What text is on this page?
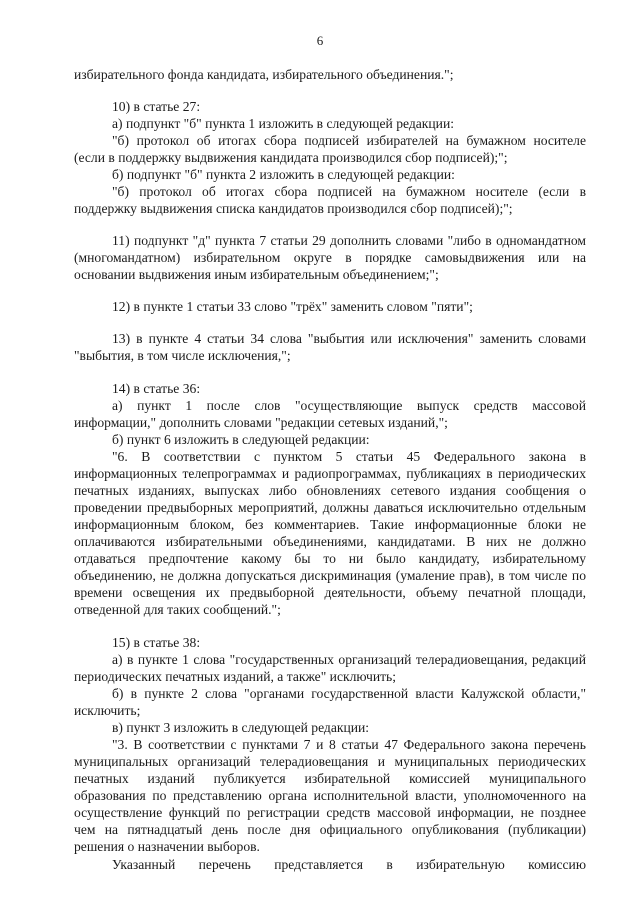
6

избирательного фонда кандидата, избирательного объединения.";

10) в статье 27:

а) подпункт "б" пункта 1 изложить в следующей редакции:

"б) протокол об итогах сбора подписей избирателей на бумажном носителе

(если в поддержку выдвижения кандидата производился сбор подписей);";

б) подпункт "б" пункта 2 изложить в следующей редакции:

"б) протокол об итогах сбора подписей на бумажном носителе (если в

поддержку выдвижения списка кандидатов производился сбор подписей);";

11) подпункт "д" пункта 7 статьи 29 дополнить словами "либо в одномандатном

(многомандатном) избирательном округе в порядке самовыдвижения или на

основании выдвижения иным избирательным объединением;";

12) в пункте 1 статьи 33 слово "трёх" заменить словом "пяти";

13) в пункте 4 статьи 34 слова "выбытия или исключения" заменить словами

"выбытия, в том числе исключения,";

14) в статье 36:

а) пункт 1 после слов "осуществляющие выпуск средств массовой

информации," дополнить словами "редакции сетевых изданий,";

б) пункт 6 изложить в следующей редакции:

"6. В соответствии с пунктом 5 статьи 45 Федерального закона в

информационных телепрограммах и радиопрограммах, публикациях в периодических

печатных изданиях, выпусках либо обновлениях сетевого издания сообщения о

проведении предвыборных мероприятий, должны даваться исключительно отдельным

информационным блоком, без комментариев. Такие информационные блоки не

оплачиваются избирательными объединениями, кандидатами. В них не должно

отдаваться предпочтение какому бы то ни было кандидату, избирательному

объединению, не должна допускаться дискриминация (умаление прав), в том числе по

времени освещения их предвыборной деятельности, объему печатной площади,

отведенной для таких сообщений.";

15) в статье 38:

а) в пункте 1 слова "государственных организаций телерадиовещания, редакций

периодических печатных изданий, а также" исключить;

б) в пункте 2 слова "органами государственной власти Калужской области,"

исключить;

в) пункт 3 изложить в следующей редакции:

"3. В соответствии с пунктами 7 и 8 статьи 47 Федерального закона перечень

муниципальных организаций телерадиовещания и муниципальных периодических

печатных изданий публикуется избирательной комиссией муниципального

образования по представлению органа исполнительной власти, уполномоченного на

осуществление функций по регистрации средств массовой информации, не позднее

чем на пятнадцатый день после дня официального опубликования (публикации)

решения о назначении выборов.

Указанный перечень представляется в избирательную комиссию
